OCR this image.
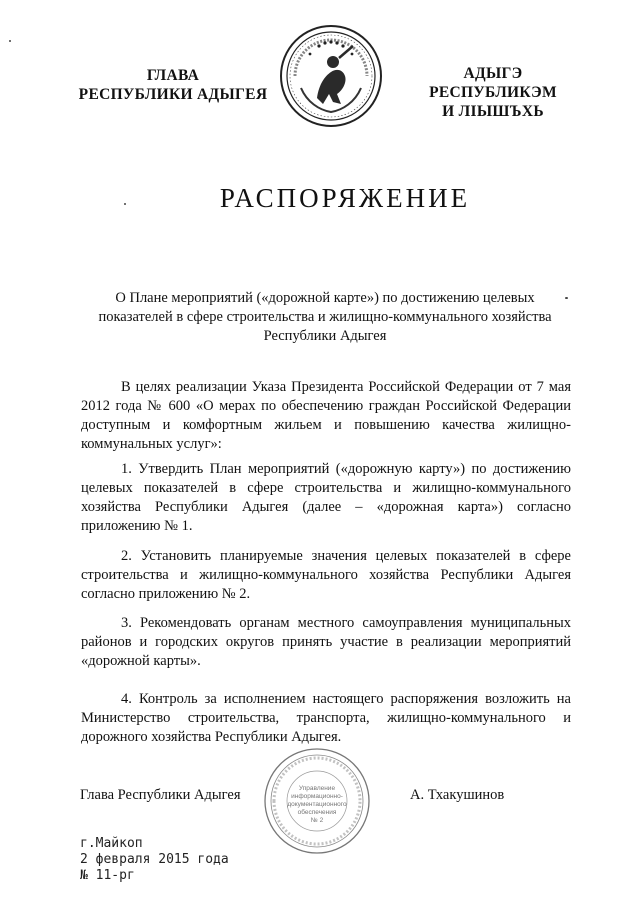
ГЛАВА
РЕСПУБЛИКИ АДЫГЕЯ
АДЫГЭ РЕСПУБЛИКЭМ
И ЛІЫШЪХЬ
РАСПОРЯЖЕНИЕ
О Плане мероприятий («дорожной карте») по достижению целевых показателей в сфере строительства и жилищно-коммунального хозяйства Республики Адыгея
В целях реализации Указа Президента Российской Федерации от 7 мая 2012 года № 600 «О мерах по обеспечению граждан Российской Федерации доступным и комфортным жильем и повышению качества жилищно-коммунальных услуг»:
1. Утвердить План мероприятий («дорожную карту») по достижению целевых показателей в сфере строительства и жилищно-коммунального хозяйства Республики Адыгея (далее – «дорожная карта») согласно приложению № 1.
2. Установить планируемые значения целевых показателей в сфере строительства и жилищно-коммунального хозяйства Республики Адыгея согласно приложению № 2.
3. Рекомендовать органам местного самоуправления муниципальных районов и городских округов принять участие в реализации мероприятий «дорожной карты».
4. Контроль за исполнением настоящего распоряжения возложить на Министерство строительства, транспорта, жилищно-коммунального и дорожного хозяйства Республики Адыгея.
Управление
информационно-
документационного
обеспечения
№ 2
Глава Республики Адыгея	А. Тхакушинов
г.Майкоп
2 февраля 2015 года
№ 11-рг
